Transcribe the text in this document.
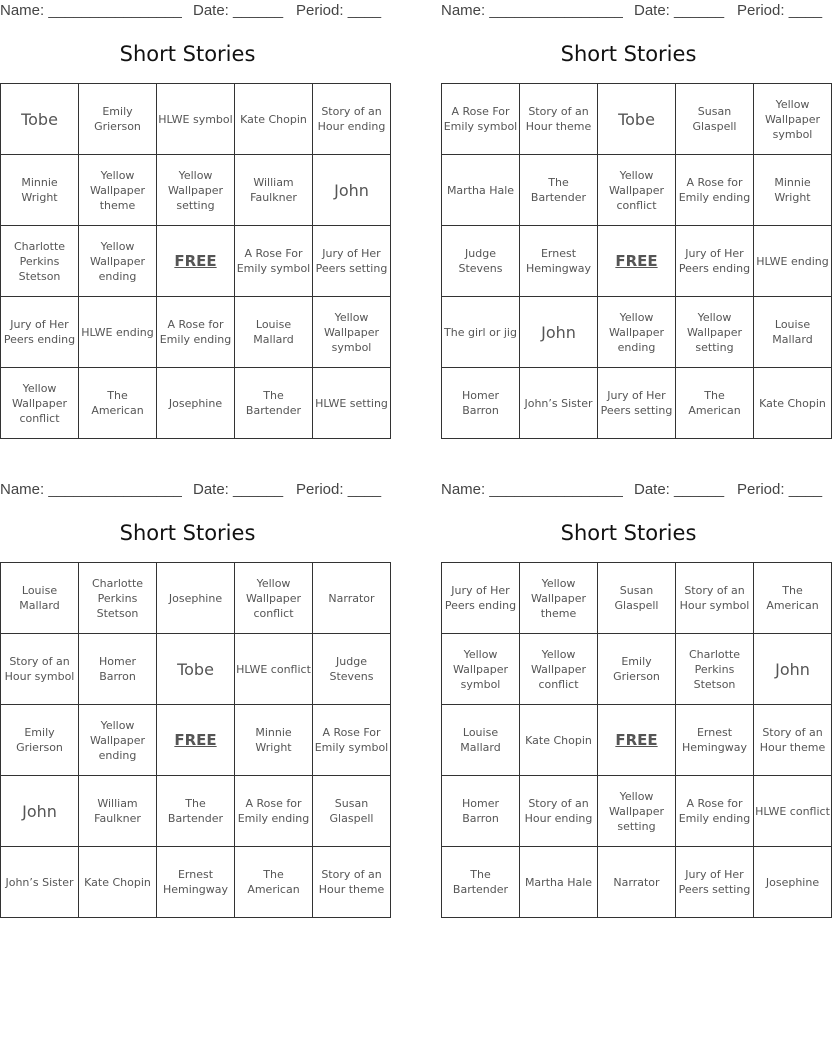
Name: ________________ Date: ______ Period: ____
Short Stories
Tobe	Emily Grierson	HLWE symbol	Kate Chopin	Story of an Hour ending
Minnie Wright	Yellow Wallpaper theme	Yellow Wallpaper setting	William Faulkner	John
Charlotte Perkins Stetson	Yellow Wallpaper ending	FREE	A Rose For Emily symbol	Jury of Her Peers setting
Jury of Her Peers ending	HLWE ending	A Rose for Emily ending	Louise Mallard	Yellow Wallpaper symbol
Yellow Wallpaper conflict	The American	Josephine	The Bartender	HLWE setting
Name: ________________ Date: ______ Period: ____
Short Stories
A Rose For Emily symbol	Story of an Hour theme	Tobe	Susan Glaspell	Yellow Wallpaper symbol
Martha Hale	The Bartender	Yellow Wallpaper conflict	A Rose for Emily ending	Minnie Wright
Judge Stevens	Ernest Hemingway	FREE	Jury of Her Peers ending	HLWE ending
The girl or jig	John	Yellow Wallpaper ending	Yellow Wallpaper setting	Louise Mallard
Homer Barron	John’s Sister	Jury of Her Peers setting	The American	Kate Chopin
Name: ________________ Date: ______ Period: ____
Short Stories
Louise Mallard	Charlotte Perkins Stetson	Josephine	Yellow Wallpaper conflict	Narrator
Story of an Hour symbol	Homer Barron	Tobe	HLWE conflict	Judge Stevens
Emily Grierson	Yellow Wallpaper ending	FREE	Minnie Wright	A Rose For Emily symbol
John	William Faulkner	The Bartender	A Rose for Emily ending	Susan Glaspell
John’s Sister	Kate Chopin	Ernest Hemingway	The American	Story of an Hour theme
Name: ________________ Date: ______ Period: ____
Short Stories
Jury of Her Peers ending	Yellow Wallpaper theme	Susan Glaspell	Story of an Hour symbol	The American
Yellow Wallpaper symbol	Yellow Wallpaper conflict	Emily Grierson	Charlotte Perkins Stetson	John
Louise Mallard	Kate Chopin	FREE	Ernest Hemingway	Story of an Hour theme
Homer Barron	Story of an Hour ending	Yellow Wallpaper setting	A Rose for Emily ending	HLWE conflict
The Bartender	Martha Hale	Narrator	Jury of Her Peers setting	Josephine
